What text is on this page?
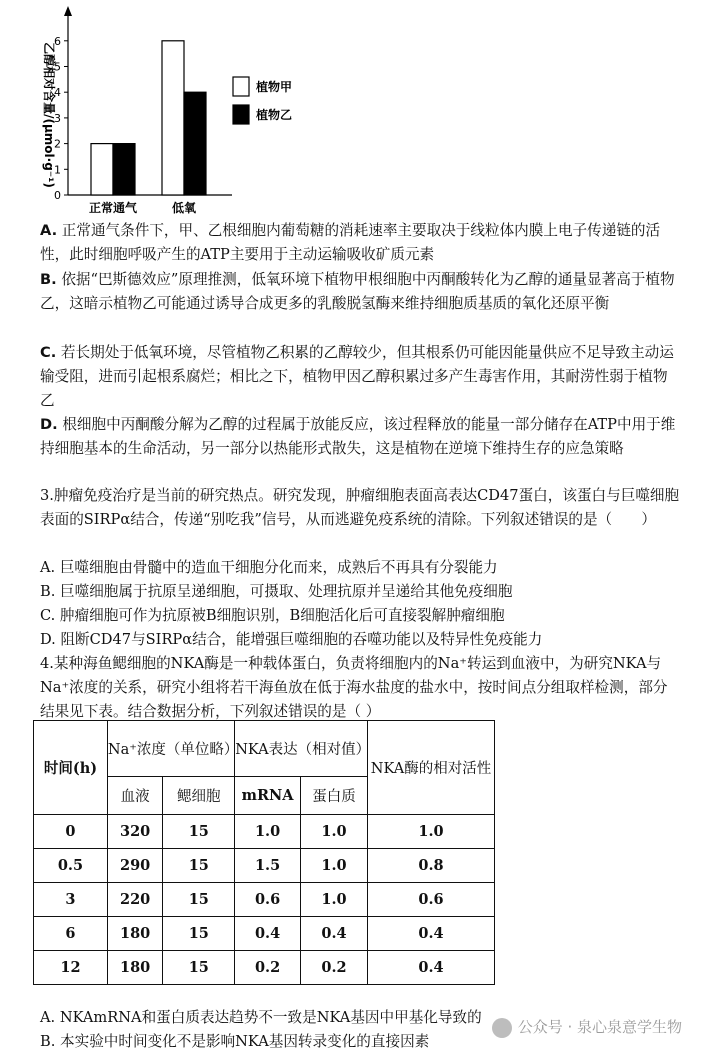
正常通气	低氧
0
1
2
3
4
5
6
植物甲
植物乙
乙醇相对含量/(μmol·g⁻¹)
A. 正常通气条件下，甲、乙根细胞内葡萄糖的消耗速率主要取决于线粒体内膜上电子传递链的活性，此时细胞呼吸产生的ATP主要用于主动运输吸收矿质元素
B. 依据“巴斯德效应”原理推测，低氧环境下植物甲根细胞中丙酮酸转化为乙醇的通量显著高于植物乙，这暗示植物乙可能通过诱导合成更多的乳酸脱氢酶来维持细胞质基质的氧化还原平衡
C. 若长期处于低氧环境，尽管植物乙积累的乙醇较少，但其根系仍可能因能量供应不足导致主动运输受阻，进而引起根系腐烂；相比之下，植物甲因乙醇积累过多产生毒害作用，其耐涝性弱于植物乙
D. 根细胞中丙酮酸分解为乙醇的过程属于放能反应，该过程释放的能量一部分储存在ATP中用于维持细胞基本的生命活动，另一部分以热能形式散失，这是植物在逆境下维持生存的应急策略
3.肿瘤免疫治疗是当前的研究热点。研究发现，肿瘤细胞表面高表达CD47蛋白，该蛋白与巨噬细胞表面的SIRPα结合，传递“别吃我”信号，从而逃避免疫系统的清除。下列叙述错误的是（　　）
A. 巨噬细胞由骨髓中的造血干细胞分化而来，成熟后不再具有分裂能力
B. 巨噬细胞属于抗原呈递细胞，可摄取、处理抗原并呈递给其他免疫细胞
C. 肿瘤细胞可作为抗原被B细胞识别，B细胞活化后可直接裂解肿瘤细胞
D. 阻断CD47与SIRPα结合，能增强巨噬细胞的吞噬功能以及特异性免疫能力
4.某种海鱼鳃细胞的NKA酶是一种载体蛋白，负责将细胞内的Na⁺转运到血液中，为研究NKA与Na⁺浓度的关系，研究小组将若干海鱼放在低于海水盐度的盐水中，按时间点分组取样检测，部分结果见下表。结合数据分析，下列叙述错误的是（ ）
时间(h)	Na⁺浓度（单位略）		NKA表达（相对值）		NKA酶的相对活性
	血液	鳃细胞	mRNA	蛋白质	
0	320	15	1.0	1.0	1.0
0.5	290	15	1.5	1.0	0.8
3	220	15	0.6	1.0	0.6
6	180	15	0.4	0.4	0.4
12	180	15	0.2	0.2	0.4
A. NKAmRNA和蛋白质表达趋势不一致是NKA基因中甲基化导致的
B. 本实验中时间变化不是影响NKA基因转录变化的直接因素
公众号 · 泉心泉意学生物
